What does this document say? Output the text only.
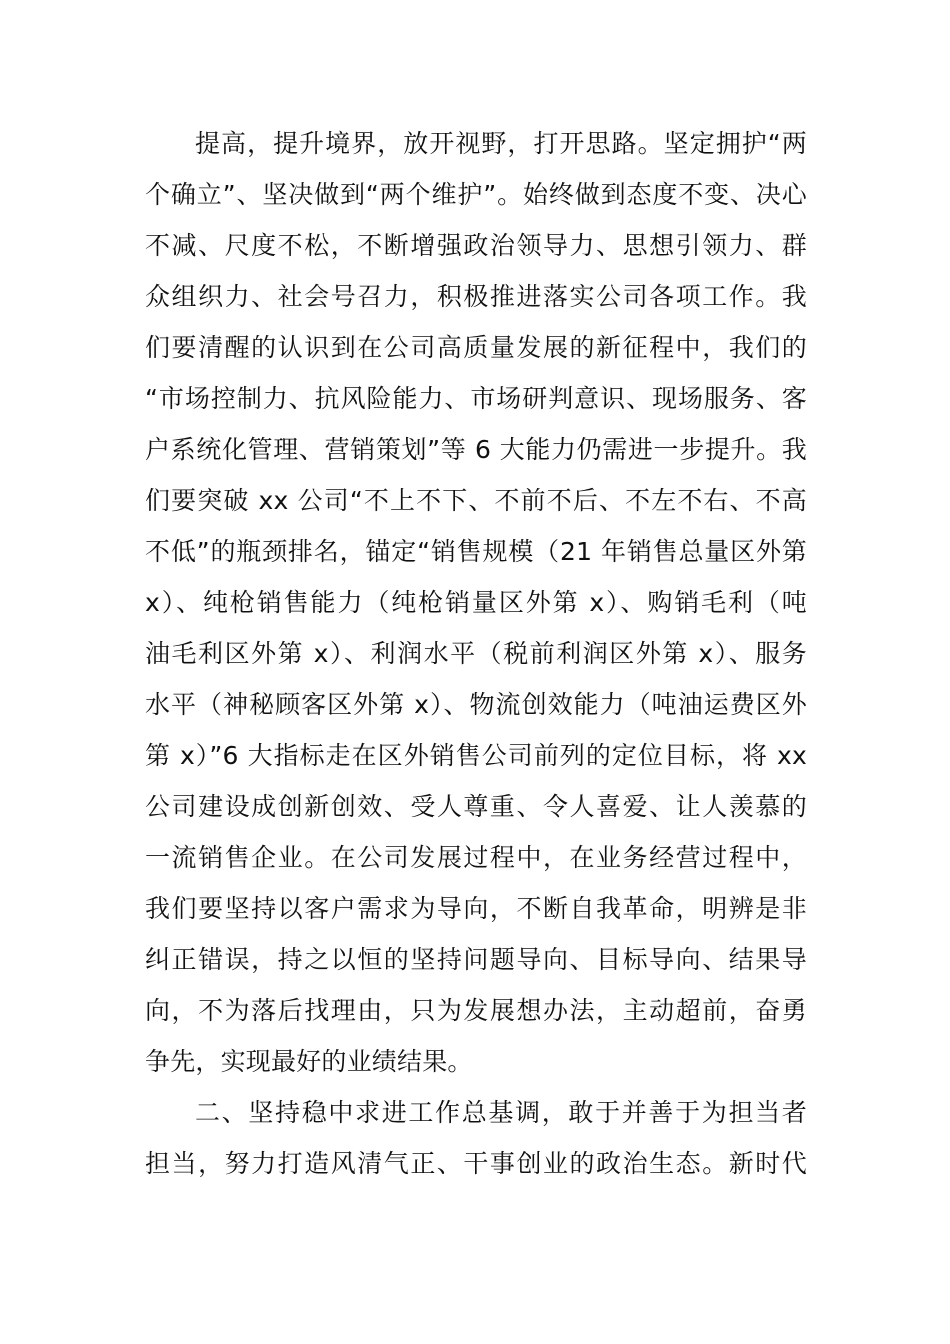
提高，提升境界，放开视野，打开思路。坚定拥护“两
个确立”、坚决做到“两个维护”。始终做到态度不变、决心
不减、尺度不松，不断增强政治领导力、思想引领力、群
众组织力、社会号召力，积极推进落实公司各项工作。我
们要清醒的认识到在公司高质量发展的新征程中，我们的
“市场控制力、抗风险能力、市场研判意识、现场服务、客
户系统化管理、营销策划”等 6 大能力仍需进一步提升。我
们要突破 xx 公司“不上不下、不前不后、不左不右、不高
不低”的瓶颈排名，锚定“销售规模（21 年销售总量区外第
x）、纯枪销售能力（纯枪销量区外第 x）、购销毛利（吨
油毛利区外第 x）、利润水平（税前利润区外第 x）、服务
水平（神秘顾客区外第 x）、物流创效能力（吨油运费区外
第 x）”6 大指标走在区外销售公司前列的定位目标，将 xx
公司建设成创新创效、受人尊重、令人喜爱、让人羡慕的
一流销售企业。在公司发展过程中，在业务经营过程中，
我们要坚持以客户需求为导向，不断自我革命，明辨是非
纠正错误，持之以恒的坚持问题导向、目标导向、结果导
向，不为落后找理由，只为发展想办法，主动超前，奋勇
争先，实现最好的业绩结果。
二、坚持稳中求进工作总基调，敢于并善于为担当者
担当，努力打造风清气正、干事创业的政治生态。新时代
